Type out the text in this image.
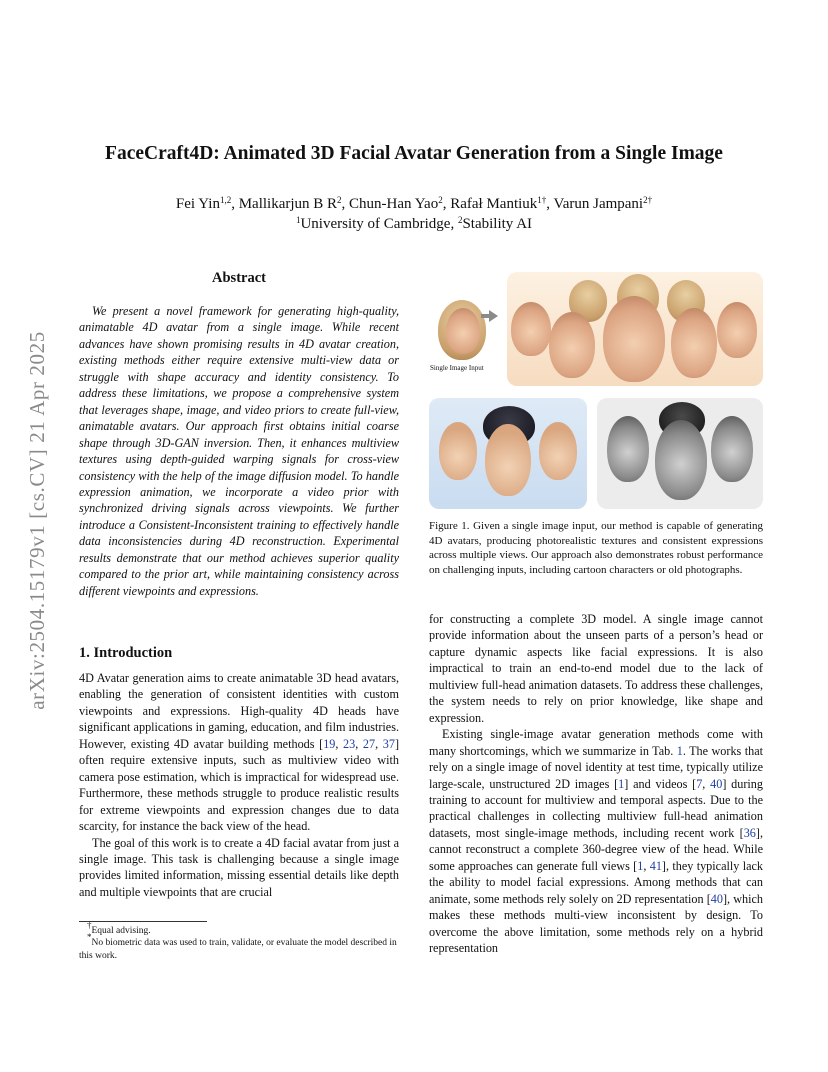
arXiv:2504.15179v1 [cs.CV] 21 Apr 2025
FaceCraft4D: Animated 3D Facial Avatar Generation from a Single Image

Fei Yin$^{1,2}$, Mallikarjun B $R^2$, Chun-Han Yao$^2$, Rafał Mantiuk$^{1\dagger}$, Varun Jampani$^{2\dagger}$

$^1$University of Cambridge, $^2$Stability AI

Abstract

We present a novel framework for generating high-quality, animatable 4D avatar from a single image. While recent advances have shown promising results in 4D avatar creation, existing methods either require extensive multi-view data or struggle with shape accuracy and identity consistency. To address these limitations, we propose a comprehensive system that leverages shape, image, and video priors to create full-view, animatable avatars. Our approach first obtains initial coarse shape through 3D-GAN inversion. Then, it enhances multiview textures using depth-guided warping signals for cross-view consistency with the help of the image diffusion model. To handle expression animation, we incorporate a video prior with synchronized driving signals across viewpoints. We further introduce a Consistent-Inconsistent training to effectively handle data inconsistencies during 4D reconstruction. Experimental results demonstrate that our method achieves superior quality compared to the prior art, while maintaining consistency across different viewpoints and expressions.

1. Introduction

4D Avatar generation aims to create animatable 3D head avatars, enabling the generation of consistent identities with custom viewpoints and expressions. High-quality 4D heads have significant applications in gaming, education, and film industries. However, existing 4D avatar building methods [19, 23, 27, 37] often require extensive inputs, such as multiview video with camera pose estimation, which is impractical for widespread use. Furthermore, these methods struggle to produce realistic results for extreme viewpoints and expression changes due to data scarcity, for instance the back view of the head.

The goal of this work is to create a 4D facial avatar from just a single image. This task is challenging because a single image provides limited information, missing essential details like depth and multiple viewpoints that are crucial

†Equal advising.

*No biometric data was used to train, validate, or evaluate the model described in this work.

Single Image Input

Figure 1. Given a single image input, our method is capable of generating 4D avatars, producing photorealistic textures and consistent expressions across multiple views. Our approach also demonstrates robust performance on challenging inputs, including cartoon characters or old photographs.

for constructing a complete 3D model. A single image cannot provide information about the unseen parts of a person’s head or capture dynamic aspects like facial expressions. It is also impractical to train an end-to-end model due to the lack of multiview full-head animation datasets. To address these challenges, the system needs to rely on prior knowledge, like shape and expression.

Existing single-image avatar generation methods come with many shortcomings, which we summarize in Tab. 1. The works that rely on a single image of novel identity at test time, typically utilize large-scale, unstructured 2D images [1] and videos [7, 40] during training to account for multiview and temporal aspects. Due to the practical challenges in collecting multiview full-head animation datasets, most single-image methods, including recent work [36], cannot reconstruct a complete 360-degree view of the head. While some approaches can generate full views [1, 41], they typically lack the ability to model facial expressions. Among methods that can animate, some methods rely solely on 2D representation [40], which makes these methods multi-view inconsistent by design. To overcome the above limitation, some methods rely on a hybrid representation
